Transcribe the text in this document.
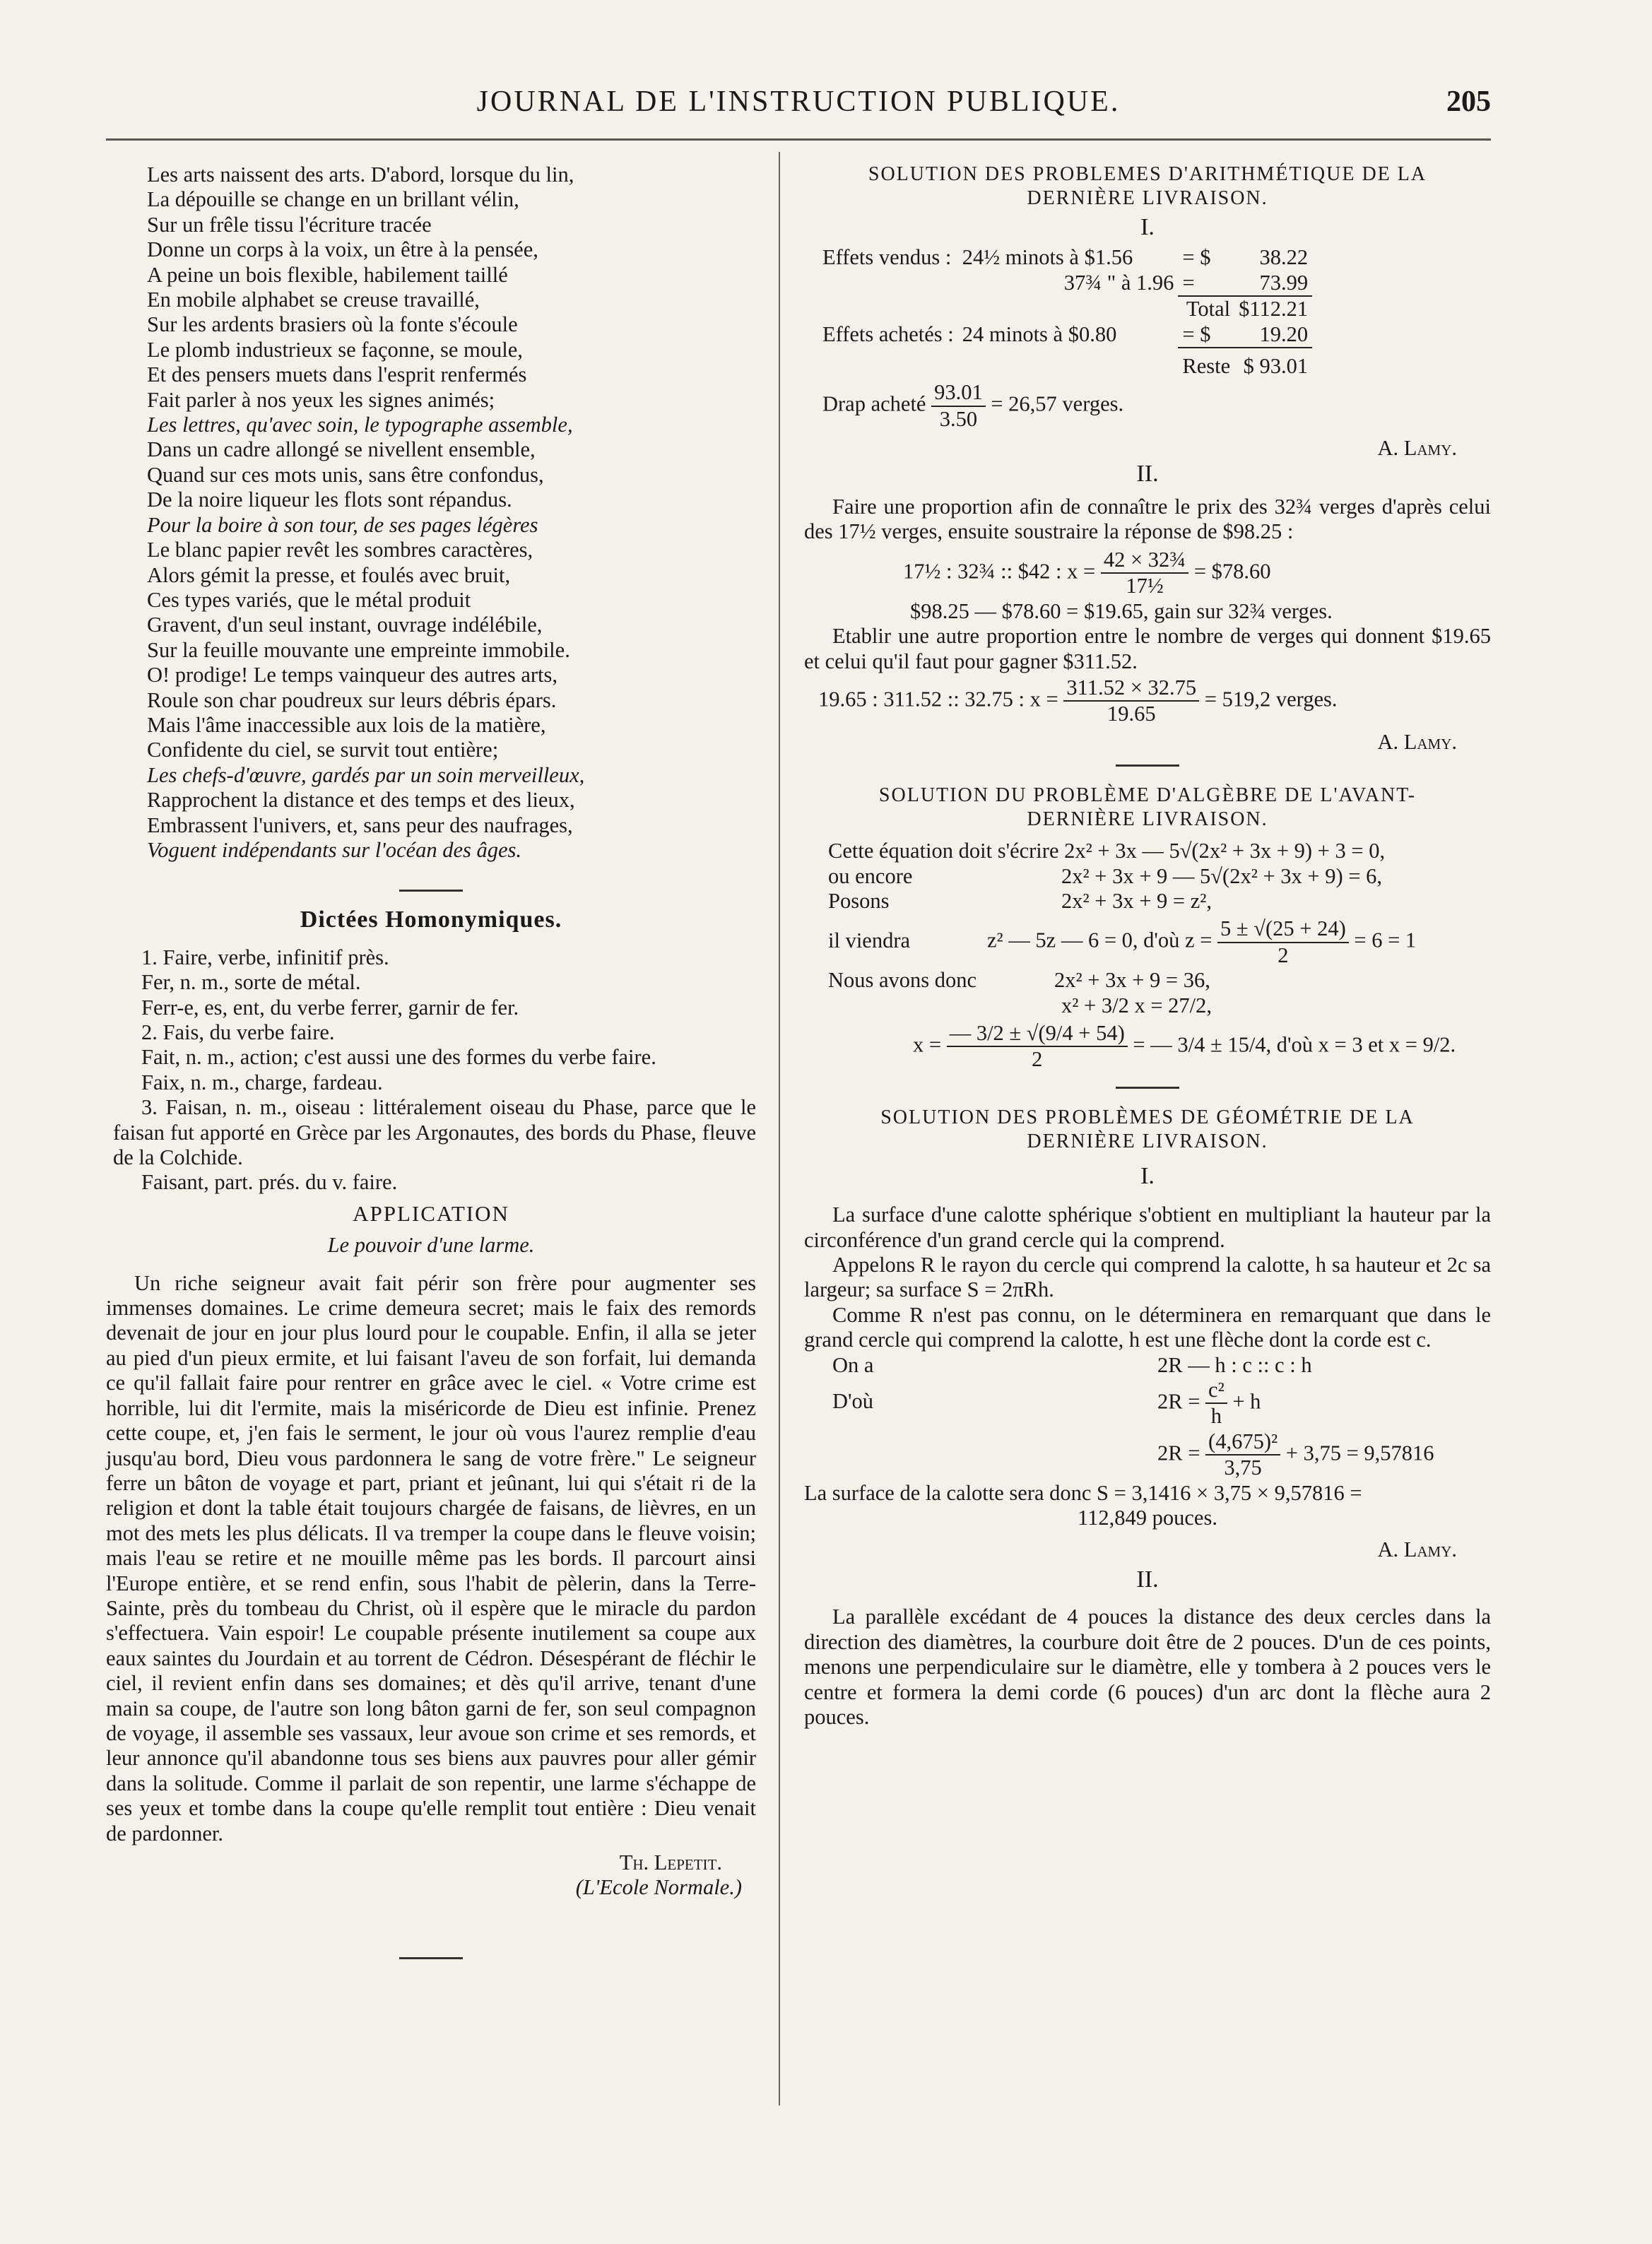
JOURNAL DE L'INSTRUCTION PUBLIQUE.	205
Les arts naissent des arts. D'abord, lorsque du lin,
La dépouille se change en un brillant vélin,
Sur un frêle tissu l'écriture tracée
Donne un corps à la voix, un être à la pensée,
A peine un bois flexible, habilement taillé
En mobile alphabet se creuse travaillé,
Sur les ardents brasiers où la fonte s'écoule
Le plomb industrieux se façonne, se moule,
Et des pensers muets dans l'esprit renfermés
Fait parler à nos yeux les signes animés;
Les lettres, qu'avec soin, le typographe assemble,
Dans un cadre allongé se nivellent ensemble,
Quand sur ces mots unis, sans être confondus,
De la noire liqueur les flots sont répandus.
Pour la boire à son tour, de ses pages légères
Le blanc papier revêt les sombres caractères,
Alors gémit la presse, et foulés avec bruit,
Ces types variés, que le métal produit
Gravent, d'un seul instant, ouvrage indélébile,
Sur la feuille mouvante une empreinte immobile.
O! prodige! Le temps vainqueur des autres arts,
Roule son char poudreux sur leurs débris épars.
Mais l'âme inaccessible aux lois de la matière,
Confidente du ciel, se survit tout entière;
Les chefs-d'œuvre, gardés par un soin merveilleux,
Rapprochent la distance et des temps et des lieux,
Embrassent l'univers, et, sans peur des naufrages,
Voguent indépendants sur l'océan des âges.
Dictées Homonymiques.
1. Faire, verbe, infinitif près.
Fer, n. m., sorte de métal.
Ferr-e, es, ent, du verbe ferrer, garnir de fer.
2. Fais, du verbe faire.
Fait, n. m., action; c'est aussi une des formes du verbe faire.
Faix, n. m., charge, fardeau.
3. Faisan, n. m., oiseau : littéralement oiseau du Phase, parce que le faisan fut apporté en Grèce par les Argonautes, des bords du Phase, fleuve de la Colchide.
Faisant, part. prés. du v. faire.
APPLICATION
Le pouvoir d'une larme.
Un riche seigneur avait fait périr son frère pour augmenter ses immenses domaines. Le crime demeura secret; mais le faix des remords devenait de jour en jour plus lourd pour le coupable. Enfin, il alla se jeter au pied d'un pieux ermite, et lui faisant l'aveu de son forfait, lui demanda ce qu'il fallait faire pour rentrer en grâce avec le ciel. « Votre crime est horrible, lui dit l'ermite, mais la miséricorde de Dieu est infinie. Prenez cette coupe, et, j'en fais le serment, le jour où vous l'aurez remplie d'eau jusqu'au bord, Dieu vous pardonnera le sang de votre frère." Le seigneur ferre un bâton de voyage et part, priant et jeûnant, lui qui s'était ri de la religion et dont la table était toujours chargée de faisans, de lièvres, en un mot des mets les plus délicats. Il va tremper la coupe dans le fleuve voisin; mais l'eau se retire et ne mouille même pas les bords. Il parcourt ainsi l'Europe entière, et se rend enfin, sous l'habit de pèlerin, dans la Terre-Sainte, près du tombeau du Christ, où il espère que le miracle du pardon s'effectuera. Vain espoir! Le coupable présente inutilement sa coupe aux eaux saintes du Jourdain et au torrent de Cédron. Désespérant de fléchir le ciel, il revient enfin dans ses domaines; et dès qu'il arrive, tenant d'une main sa coupe, de l'autre son long bâton garni de fer, son seul compagnon de voyage, il assemble ses vassaux, leur avoue son crime et ses remords, et leur annonce qu'il abandonne tous ses biens aux pauvres pour aller gémir dans la solitude. Comme il parlait de son repentir, une larme s'échappe de ses yeux et tombe dans la coupe qu'elle remplit tout entière : Dieu venait de pardonner.
Th. Lepetit.
(L'Ecole Normale.)
SOLUTION DES PROBLEMES D'ARITHMÉTIQUE DE LA DERNIÈRE LIVRAISON.
I.
Effets vendus :	24½ minots à $1.56	= $	38.22
	37¾ " à 1.96	=	73.99
		Total	$112.21
Effets achetés :	24 minots à $0.80	= $	19.20
		Reste	$ 93.01
Drap acheté $\frac{93.01}{3.50} = 26,57$ verges.
A. Lamy.
II.
Faire une proportion afin de connaître le prix des 32¾ verges d'après celui des 17½ verges, ensuite soustraire la réponse de $98.25 :
17½ : 32¾ :: $42 : $x = \frac{\text{42 × 32¾}}{\text{17½}}$ = $78.60
$98.25 — $78.60 = $19.65, gain sur 32¾ verges.
Etablir une autre proportion entre le nombre de verges qui donnent $19.65 et celui qu'il faut pour gagner $311.52.
19.65 : 311.52 :: 32.75 : $x = \frac{311.52 \times 32.75}{19.65} = 519,2$ verges.
A. Lamy.
SOLUTION DU PROBLÈME D'ALGÈBRE DE L'AVANT-DERNIÈRE LIVRAISON.
Cette équation doit s'écrire 2x² + 3x — 5√(2x² + 3x + 9) + 3 = 0,
ou encore	2x² + 3x + 9 — 5√(2x² + 3x + 9) = 6,
Posons	2x² + 3x + 9 = z²,
il viendra	z² — 5z — 6 = 0, d'où $z = \frac{5 \pm √(25 + 24)}{2} = 6 = 1$
Nous avons donc	2x² + 3x + 9 = 36,
x² + 3/2 x = 27/2,
$x = \frac{— 3/2 \pm √(9/4 + 54)}{2}$ = — 3/4 ± 15/4, d'où x = 3 et x = 9/2.
SOLUTION DES PROBLÈMES DE GÉOMÉTRIE DE LA DERNIÈRE LIVRAISON.
I.
La surface d'une calotte sphérique s'obtient en multipliant la hauteur par la circonférence d'un grand cercle qui la comprend.
Appelons R le rayon du cercle qui comprend la calotte, h sa hauteur et 2c sa largeur; sa surface S = 2πRh.
Comme R n'est pas connu, on le déterminera en remarquant que dans le grand cercle qui comprend la calotte, h est une flèche dont la corde est c.
On a	2R — h : c :: c : h
D'où	$2R = \frac{\text{c²}}{h} + h$
$2R = \frac{\text{(4,675)²}}{3,75} + 3,75 = 9,57816$
La surface de la calotte sera donc S = 3,1416 × 3,75 × 9,57816 =
112,849 pouces.
A. Lamy.
II.
La parallèle excédant de 4 pouces la distance des deux cercles dans la direction des diamètres, la courbure doit être de 2 pouces. D'un de ces points, menons une perpendiculaire sur le diamètre, elle y tombera à 2 pouces vers le centre et formera la demi corde (6 pouces) d'un arc dont la flèche aura 2 pouces.
